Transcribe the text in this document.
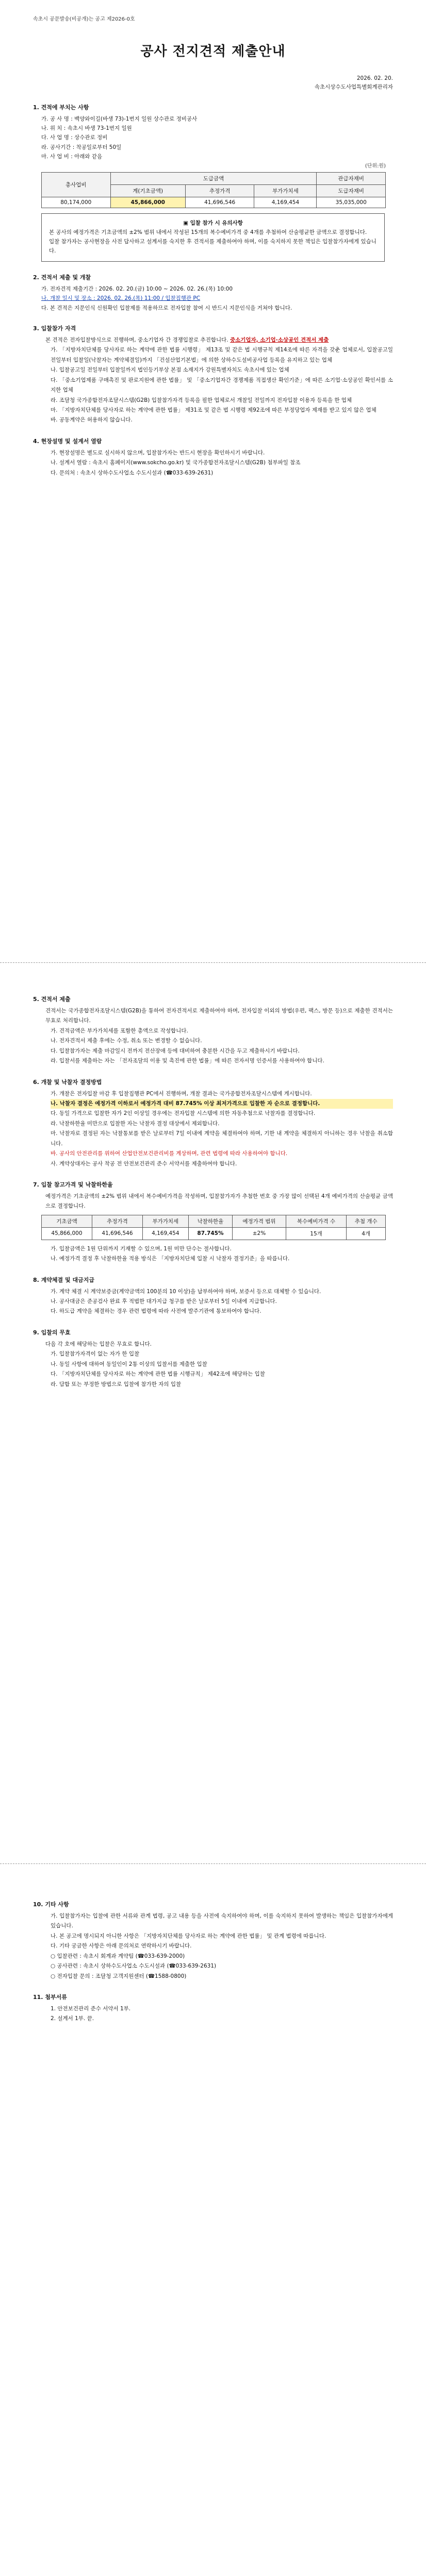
속초시 공문발송(비공개)는 공고 제2026-0호
공사 전지견적 제출안내
2026. 02. 20.
속초시상수도사업특별회계관리자
1. 견적에 부치는 사항
가. 공 사 명 : 백양와이길(바생 73)-1번지 일원 상수관로 정비공사
나. 위 치 : 속초시 바생 73-1번지 일원
다. 사 업 명 : 상수관로 정비
라. 공사기간 : 착공일로부터 50일
마. 사 업 비 : 아래와 같음
(단위:원)
총사업비	도급금액			관급자재비
	계(기초금액)	추정가격	부가가치세	도급자재비
80,174,000	45,866,000	41,696,546	4,169,454	35,035,000
▣ 입찰 참가 시 유의사항
본 공사의 예정가격은 기초금액의 ±2% 범위 내에서 작성된 15개의 복수예비가격 중 4개를 추첨하여 산술평균한 금액으로 결정합니다.
입찰 참가자는 공사현장을 사전 답사하고 설계서를 숙지한 후 견적서를 제출하여야 하며, 이를 숙지하지 못한 책임은 입찰참가자에게 있습니다.
2. 견적서 제출 및 개찰
가. 전자견적 제출기간 : 2026. 02. 20.(금) 10:00 ~ 2026. 02. 26.(목) 10:00
나. 개찰 일시 및 장소 : 2026. 02. 26.(목) 11:00 / 입찰집행관 PC
다. 본 견적은 지문인식 신원확인 입찰제를 적용하므로 전자입찰 참여 시 반드시 지문인식을 거쳐야 합니다.
3. 입찰참가 자격
본 견적은 전자입찰방식으로 진행하며, 중소기업자 간 경쟁입찰로 추진합니다. 중소기업자, 소기업·소상공인 견적서 제출
가. 「지방자치단체를 당사자로 하는 계약에 관한 법률 시행령」 제13조 및 같은 법 시행규칙 제14조에 따른 자격을 갖춘 업체로서, 입찰공고일 전일부터 입찰일(낙찰자는 계약체결일)까지 「건설산업기본법」에 의한 상하수도설비공사업 등록을 유지하고 있는 업체
나. 입찰공고일 전일부터 입찰일까지 법인등기부상 본점 소재지가 강원특별자치도 속초시에 있는 업체
다. 「중소기업제품 구매촉진 및 판로지원에 관한 법률」 및 「중소기업자간 경쟁제품 직접생산 확인기준」에 따른 소기업·소상공인 확인서를 소지한 업체
라. 조달청 국가종합전자조달시스템(G2B) 입찰참가자격 등록을 필한 업체로서 개찰일 전일까지 전자입찰 이용자 등록을 한 업체
마. 「지방자치단체를 당사자로 하는 계약에 관한 법률」 제31조 및 같은 법 시행령 제92조에 따른 부정당업자 제재를 받고 있지 않은 업체
바. 공동계약은 허용하지 않습니다.
4. 현장설명 및 설계서 열람
가. 현장설명은 별도로 실시하지 않으며, 입찰참가자는 반드시 현장을 확인하시기 바랍니다.
나. 설계서 열람 : 속초시 홈페이지(www.sokcho.go.kr) 및 국가종합전자조달시스템(G2B) 첨부파일 참조
다. 문의처 : 속초시 상하수도사업소 수도시설과 (☎033-639-2631)
5. 견적서 제출
견적서는 국가종합전자조달시스템(G2B)을 통하여 전자견적서로 제출하여야 하며, 전자입찰 이외의 방법(우편, 팩스, 방문 등)으로 제출한 견적서는 무효로 처리합니다.
가. 견적금액은 부가가치세를 포함한 총액으로 작성합니다.
나. 전자견적서 제출 후에는 수정, 취소 또는 변경할 수 없습니다.
다. 입찰참가자는 제출 마감일시 전까지 전산장애 등에 대비하여 충분한 시간을 두고 제출하시기 바랍니다.
라. 입찰서를 제출하는 자는 「전자조달의 이용 및 촉진에 관한 법률」에 따른 전자서명 인증서를 사용하여야 합니다.
6. 개찰 및 낙찰자 결정방법
가. 개찰은 전자입찰 마감 후 입찰집행관 PC에서 진행하며, 개찰 결과는 국가종합전자조달시스템에 게시합니다.
나. 낙찰자 결정은 예정가격 이하로서 예정가격 대비 87.745% 이상 최저가격으로 입찰한 자 순으로 결정합니다.
다. 동일 가격으로 입찰한 자가 2인 이상일 경우에는 전자입찰 시스템에 의한 자동추첨으로 낙찰자를 결정합니다.
라. 낙찰하한율 미만으로 입찰한 자는 낙찰자 결정 대상에서 제외합니다.
마. 낙찰자로 결정된 자는 낙찰통보를 받은 날로부터 7일 이내에 계약을 체결하여야 하며, 기한 내 계약을 체결하지 아니하는 경우 낙찰을 취소합니다.
바. 공사의 안전관리를 위하여 산업안전보건관리비를 계상하며, 관련 법령에 따라 사용하여야 합니다.
사. 계약상대자는 공사 착공 전 안전보건관리 준수 서약서를 제출하여야 합니다.
7. 입찰 참고가격 및 낙찰하한율
예정가격은 기초금액의 ±2% 범위 내에서 복수예비가격을 작성하며, 입찰참가자가 추첨한 번호 중 가장 많이 선택된 4개 예비가격의 산술평균 금액으로 결정합니다.
기초금액	추정가격	부가가치세	낙찰하한율	예정가격 범위	복수예비가격 수	추첨 개수
45,866,000	41,696,546	4,169,454	87.745%	±2%	15개	4개
가. 입찰금액은 1원 단위까지 기재할 수 있으며, 1원 미만 단수는 절사합니다.
나. 예정가격 결정 후 낙찰하한율 적용 방식은 「지방자치단체 입찰 시 낙찰자 결정기준」을 따릅니다.
8. 계약체결 및 대금지급
가. 계약 체결 시 계약보증금(계약금액의 100분의 10 이상)을 납부하여야 하며, 보증서 등으로 대체할 수 있습니다.
나. 공사대금은 준공검사 완료 후 적법한 대가지급 청구를 받은 날로부터 5일 이내에 지급합니다.
다. 하도급 계약을 체결하는 경우 관련 법령에 따라 사전에 발주기관에 통보하여야 합니다.
9. 입찰의 무효
다음 각 호에 해당하는 입찰은 무효로 합니다.
가. 입찰참가자격이 없는 자가 한 입찰
나. 동일 사항에 대하여 동일인이 2통 이상의 입찰서를 제출한 입찰
다. 「지방자치단체를 당사자로 하는 계약에 관한 법률 시행규칙」 제42조에 해당하는 입찰
라. 담합 또는 부정한 방법으로 입찰에 참가한 자의 입찰
10. 기타 사항
가. 입찰참가자는 입찰에 관한 서류와 관계 법령, 공고 내용 등을 사전에 숙지하여야 하며, 이를 숙지하지 못하여 발생하는 책임은 입찰참가자에게 있습니다.
나. 본 공고에 명시되지 아니한 사항은 「지방자치단체를 당사자로 하는 계약에 관한 법률」 및 관계 법령에 따릅니다.
다. 기타 궁금한 사항은 아래 문의처로 연락하시기 바랍니다.
○ 입찰관련 : 속초시 회계과 계약팀 (☎033-639-2000)
○ 공사관련 : 속초시 상하수도사업소 수도시설과 (☎033-639-2631)
○ 전자입찰 문의 : 조달청 고객지원센터 (☎1588-0800)
11. 첨부서류
1. 안전보건관리 준수 서약서 1부.
2. 설계서 1부. 끝.
